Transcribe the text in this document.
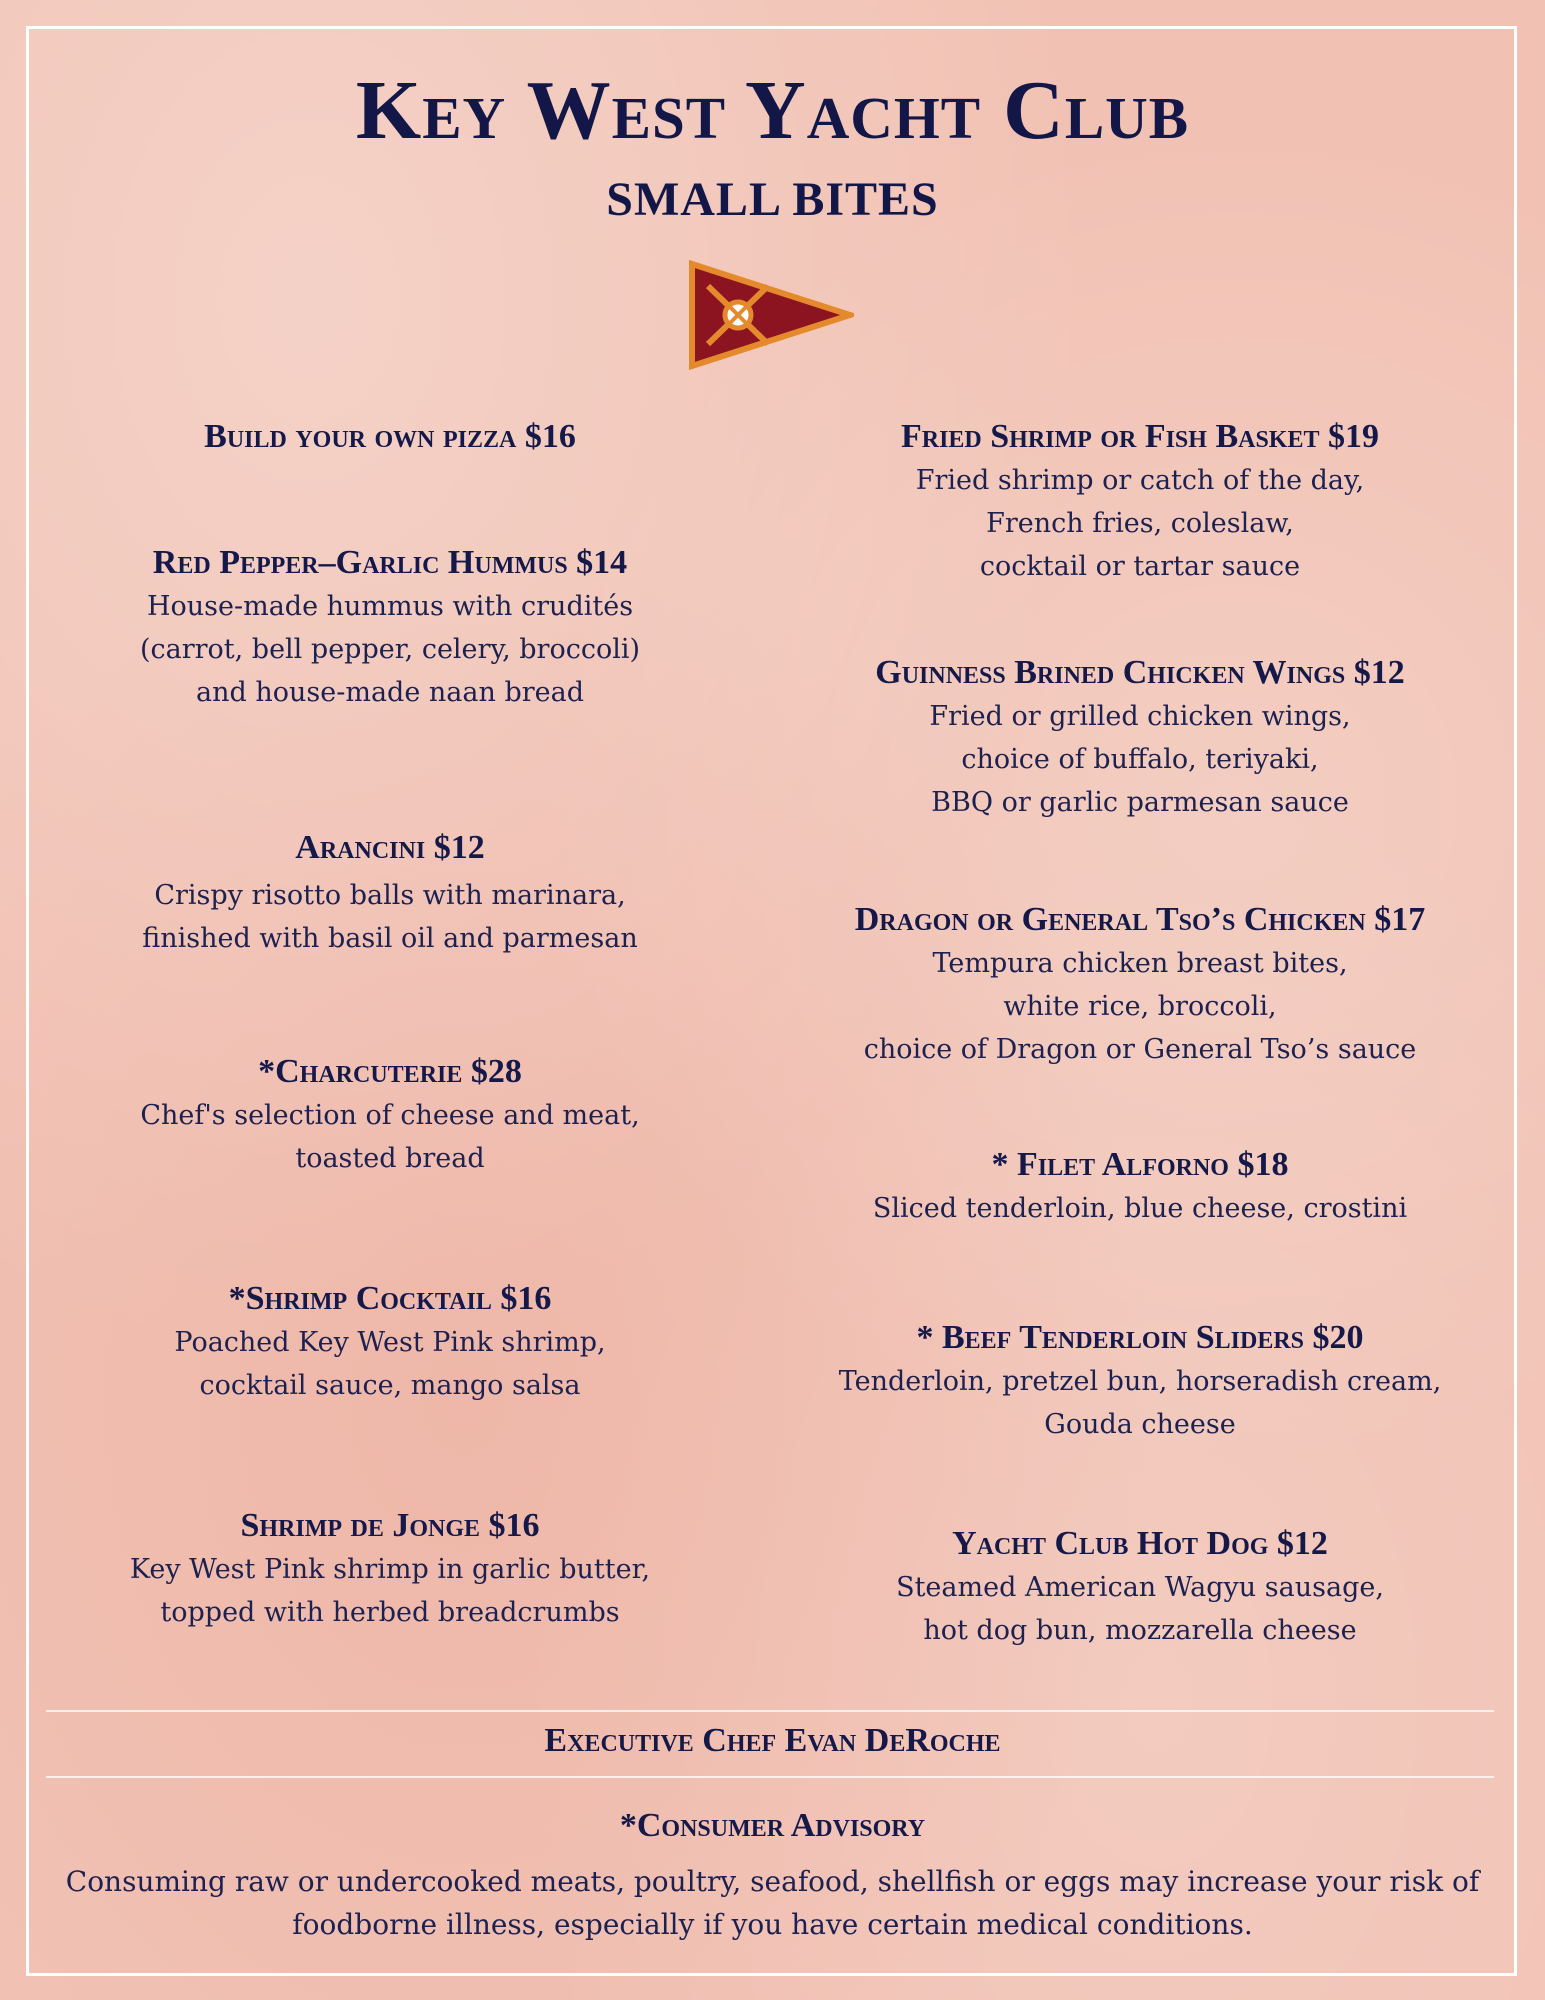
Key West Yacht Club
SMALL BITES
Build your own pizza $16
Red Pepper–Garlic Hummus $14
House-made hummus with crudités
(carrot, bell pepper, celery, broccoli)
and house-made naan bread
Arancini $12
Crispy risotto balls with marinara,
finished with basil oil and parmesan
*Charcuterie $28
Chef's selection of cheese and meat,
toasted bread
*Shrimp Cocktail $16
Poached Key West Pink shrimp,
cocktail sauce, mango salsa
Shrimp de Jonge $16
Key West Pink shrimp in garlic butter,
topped with herbed breadcrumbs
Fried Shrimp or Fish Basket $19
Fried shrimp or catch of the day,
French fries, coleslaw,
cocktail or tartar sauce
Guinness Brined Chicken Wings $12
Fried or grilled chicken wings,
choice of buffalo, teriyaki,
BBQ or garlic parmesan sauce
Dragon or General Tso’s Chicken $17
Tempura chicken breast bites,
white rice, broccoli,
choice of Dragon or General Tso’s sauce
* Filet Alforno $18
Sliced tenderloin, blue cheese, crostini
* Beef Tenderloin Sliders $20
Tenderloin, pretzel bun, horseradish cream,
Gouda cheese
Yacht Club Hot Dog $12
Steamed American Wagyu sausage,
hot dog bun, mozzarella cheese
Executive Chef Evan DeRoche
*Consumer Advisory
Consuming raw or undercooked meats, poultry, seafood, shellfish or eggs may increase your risk of
foodborne illness, especially if you have certain medical conditions.
